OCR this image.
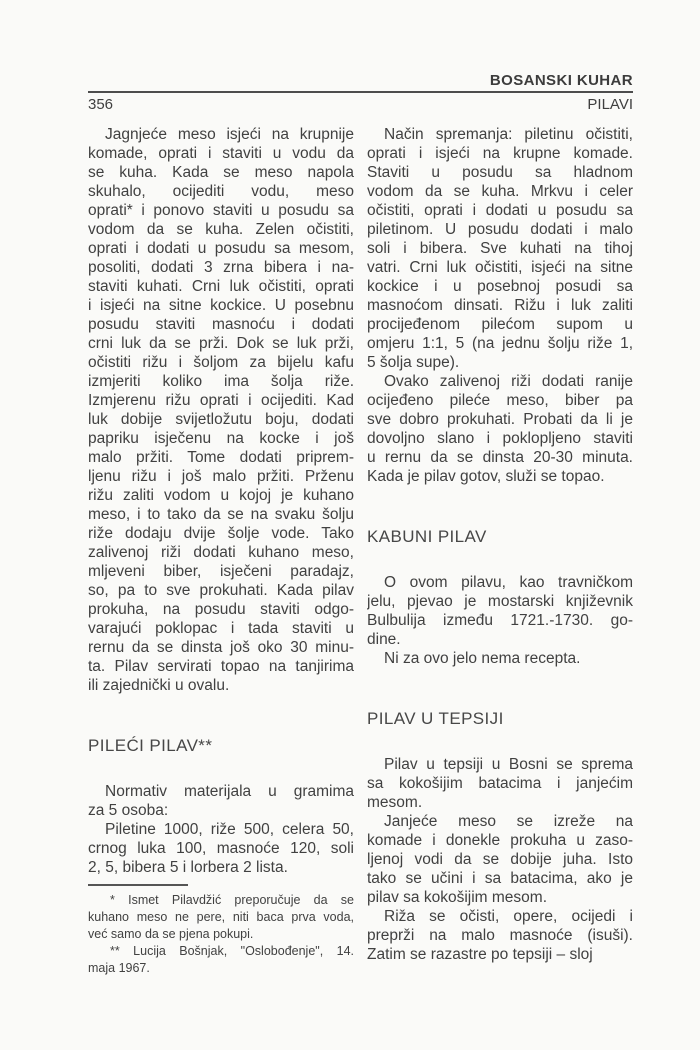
BOSANSKI KUHAR
356	PILAVI
Jagnjeće meso isjeći na krupnije
komade, oprati i staviti u vodu da
se kuha. Kada se meso napola
skuhalo, ocijediti vodu, meso
oprati* i ponovo staviti u posudu sa
vodom da se kuha. Zelen očistiti,
oprati i dodati u posudu sa mesom,
posoliti, dodati 3 zrna bibera i na-
staviti kuhati. Crni luk očistiti, oprati
i isjeći na sitne kockice. U posebnu
posudu staviti masnoću i dodati
crni luk da se prži. Dok se luk prži,
očistiti rižu i šoljom za bijelu kafu
izmjeriti koliko ima šolja riže.
Izmjerenu rižu oprati i ocijediti. Kad
luk dobije svijetložutu boju, dodati
papriku isječenu na kocke i još
malo pržiti. Tome dodati priprem-
ljenu rižu i još malo pržiti. Prženu
rižu zaliti vodom u kojoj je kuhano
meso, i to tako da se na svaku šolju
riže dodaju dvije šolje vode. Tako
zalivenoj riži dodati kuhano meso,
mljeveni biber, isječeni paradajz,
so, pa to sve prokuhati. Kada pilav
prokuha, na posudu staviti odgo-
varajući poklopac i tada staviti u
rernu da se dinsta još oko 30 minu-
ta. Pilav servirati topao na tanjirima
ili zajednički u ovalu.
PILEĆI PILAV**
Normativ materijala u gramima
za 5 osoba:
Piletine 1000, riže 500, celera 50,
crnog luka 100, masnoće 120, soli
2, 5, bibera 5 i lorbera 2 lista.
* Ismet Pilavdžić preporučuje da se
kuhano meso ne pere, niti baca prva voda,
već samo da se pjena pokupi.
** Lucija Bošnjak, "Oslobođenje", 14.
maja 1967.
Način spremanja: piletinu očistiti,
oprati i isjeći na krupne komade.
Staviti u posudu sa hladnom
vodom da se kuha. Mrkvu i celer
očistiti, oprati i dodati u posudu sa
piletinom. U posudu dodati i malo
soli i bibera. Sve kuhati na tihoj
vatri. Crni luk očistiti, isjeći na sitne
kockice i u posebnoj posudi sa
masnoćom dinsati. Rižu i luk zaliti
procijeđenom pilećom supom u
omjeru 1:1, 5 (na jednu šolju riže 1,
5 šolja supe).
Ovako zalivenoj riži dodati ranije
ocijeđeno pileće meso, biber pa
sve dobro prokuhati. Probati da li je
dovoljno slano i poklopljeno staviti
u rernu da se dinsta 20-30 minuta.
Kada je pilav gotov, služi se topao.
KABUNI PILAV
O ovom pilavu, kao travničkom
jelu, pjevao je mostarski književnik
Bulbulija između 1721.-1730. go-
dine.
Ni za ovo jelo nema recepta.
PILAV U TEPSIJI
Pilav u tepsiji u Bosni se sprema
sa kokošijim batacima i janjećim
mesom.
Janjeće meso se izreže na
komade i donekle prokuha u zaso-
ljenoj vodi da se dobije juha. Isto
tako se učini i sa batacima, ako je
pilav sa kokošijim mesom.
Riža se očisti, opere, ocijedi i
preprži na malo masnoće (isuši).
Zatim se razastre po tepsiji – sloj
